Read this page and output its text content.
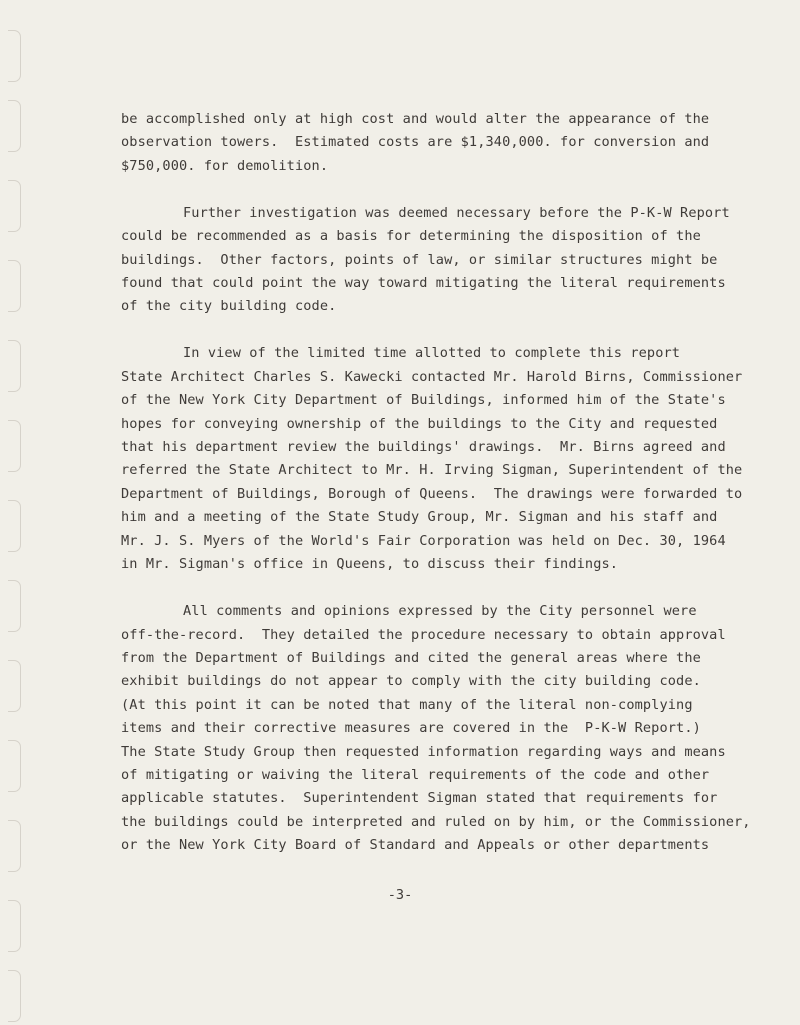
be accomplished only at high cost and would alter the appearance of the
observation towers.  Estimated costs are $1,340,000. for conversion and
$750,000. for demolition.
Further investigation was deemed necessary before the P-K-W Report
could be recommended as a basis for determining the disposition of the
buildings.  Other factors, points of law, or similar structures might be
found that could point the way toward mitigating the literal requirements
of the city building code.
In view of the limited time allotted to complete this report
State Architect Charles S. Kawecki contacted Mr. Harold Birns, Commissioner
of the New York City Department of Buildings, informed him of the State's
hopes for conveying ownership of the buildings to the City and requested
that his department review the buildings' drawings.  Mr. Birns agreed and
referred the State Architect to Mr. H. Irving Sigman, Superintendent of the
Department of Buildings, Borough of Queens.  The drawings were forwarded to
him and a meeting of the State Study Group, Mr. Sigman and his staff and
Mr. J. S. Myers of the World's Fair Corporation was held on Dec. 30, 1964
in Mr. Sigman's office in Queens, to discuss their findings.
All comments and opinions expressed by the City personnel were
off-the-record.  They detailed the procedure necessary to obtain approval
from the Department of Buildings and cited the general areas where the
exhibit buildings do not appear to comply with the city building code.
(At this point it can be noted that many of the literal non-complying
items and their corrective measures are covered in the  P-K-W Report.)
The State Study Group then requested information regarding ways and means
of mitigating or waiving the literal requirements of the code and other
applicable statutes.  Superintendent Sigman stated that requirements for
the buildings could be interpreted and ruled on by him, or the Commissioner,
or the New York City Board of Standard and Appeals or other departments
-3-
